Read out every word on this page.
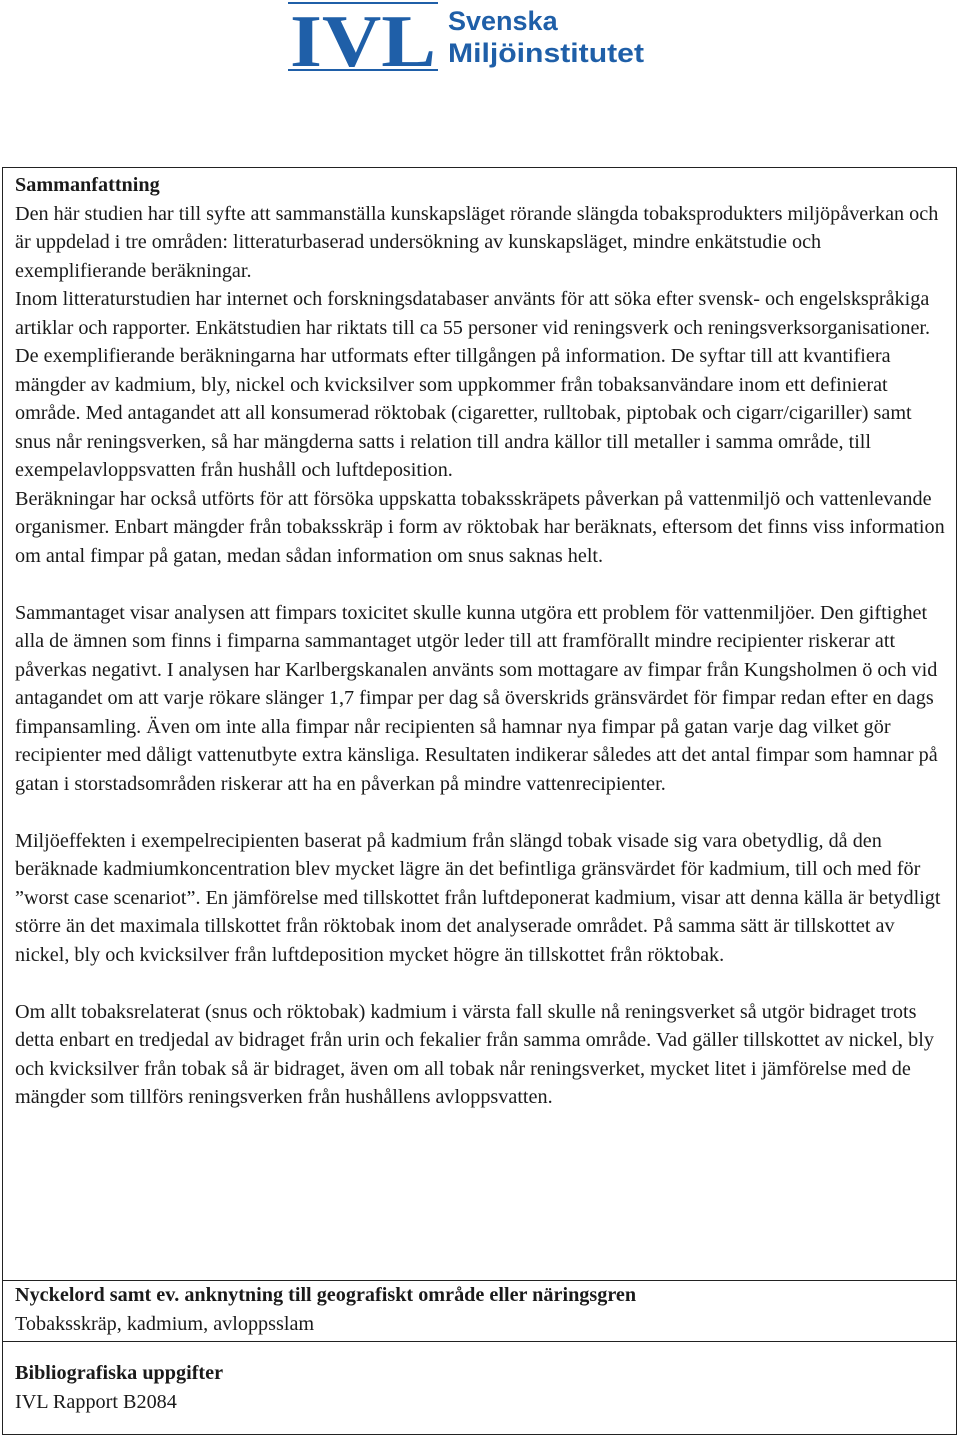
IVL Svenska
Miljöinstitutet

Sammanfattning

Den här studien har till syfte att sammanställa kunskapsläget rörande slängda tobaksprodukters miljöpåverkan och är uppdelad i tre områden: litteraturbaserad undersökning av kunskapsläget, mindre enkätstudie och exemplifierande beräkningar.

Inom litteraturstudien har internet och forskningsdatabaser använts för att söka efter svensk- och engelskspråkiga artiklar och rapporter. Enkätstudien har riktats till ca 55 personer vid reningsverk och reningsverksorganisationer. De exemplifierande beräkningarna har utformats efter tillgången på information. De syftar till att kvantifiera mängder av kadmium, bly, nickel och kvicksilver som uppkommer från tobaksanvändare inom ett definierat område. Med antagandet att all konsumerad röktobak (cigaretter, rulltobak, piptobak och cigarr/cigariller) samt snus når reningsverken, så har mängderna satts i relation till andra källor till metaller i samma område, till exempelavloppsvatten från hushåll och luftdeposition.

Beräkningar har också utförts för att försöka uppskatta tobaksskräpets påverkan på vattenmiljö och vattenlevande organismer. Enbart mängder från tobaksskräp i form av röktobak har beräknats, eftersom det finns viss information om antal fimpar på gatan, medan sådan information om snus saknas helt.

Sammantaget visar analysen att fimpars toxicitet skulle kunna utgöra ett problem för vattenmiljöer. Den giftighet alla de ämnen som finns i fimparna sammantaget utgör leder till att framförallt mindre recipienter riskerar att påverkas negativt. I analysen har Karlbergskanalen använts som mottagare av fimpar från Kungsholmen ö och vid antagandet om att varje rökare slänger 1,7 fimpar per dag så överskrids gränsvärdet för fimpar redan efter en dags fimpansamling. Även om inte alla fimpar når recipienten så hamnar nya fimpar på gatan varje dag vilket gör recipienter med dåligt vattenutbyte extra känsliga. Resultaten indikerar således att det antal fimpar som hamnar på gatan i storstadsområden riskerar att ha en påverkan på mindre vattenrecipienter.

Miljöeffekten i exempelrecipienten baserat på kadmium från slängd tobak visade sig vara obetydlig, då den beräknade kadmiumkoncentration blev mycket lägre än det befintliga gränsvärdet för kadmium, till och med för ”worst case scenariot”. En jämförelse med tillskottet från luftdeponerat kadmium, visar att denna källa är betydligt större än det maximala tillskottet från röktobak inom det analyserade området. På samma sätt är tillskottet av nickel, bly och kvicksilver från luftdeposition mycket högre än tillskottet från röktobak.

Om allt tobaksrelaterat (snus och röktobak) kadmium i värsta fall skulle nå reningsverket så utgör bidraget trots detta enbart en tredjedal av bidraget från urin och fekalier från samma område. Vad gäller tillskottet av nickel, bly och kvicksilver från tobak så är bidraget, även om all tobak når reningsverket, mycket litet i jämförelse med de mängder som tillförs reningsverken från hushållens avloppsvatten.

Nyckelord samt ev. anknytning till geografiskt område eller näringsgren

Tobaksskräp, kadmium, avloppsslam

Bibliografiska uppgifter

IVL Rapport B2084
